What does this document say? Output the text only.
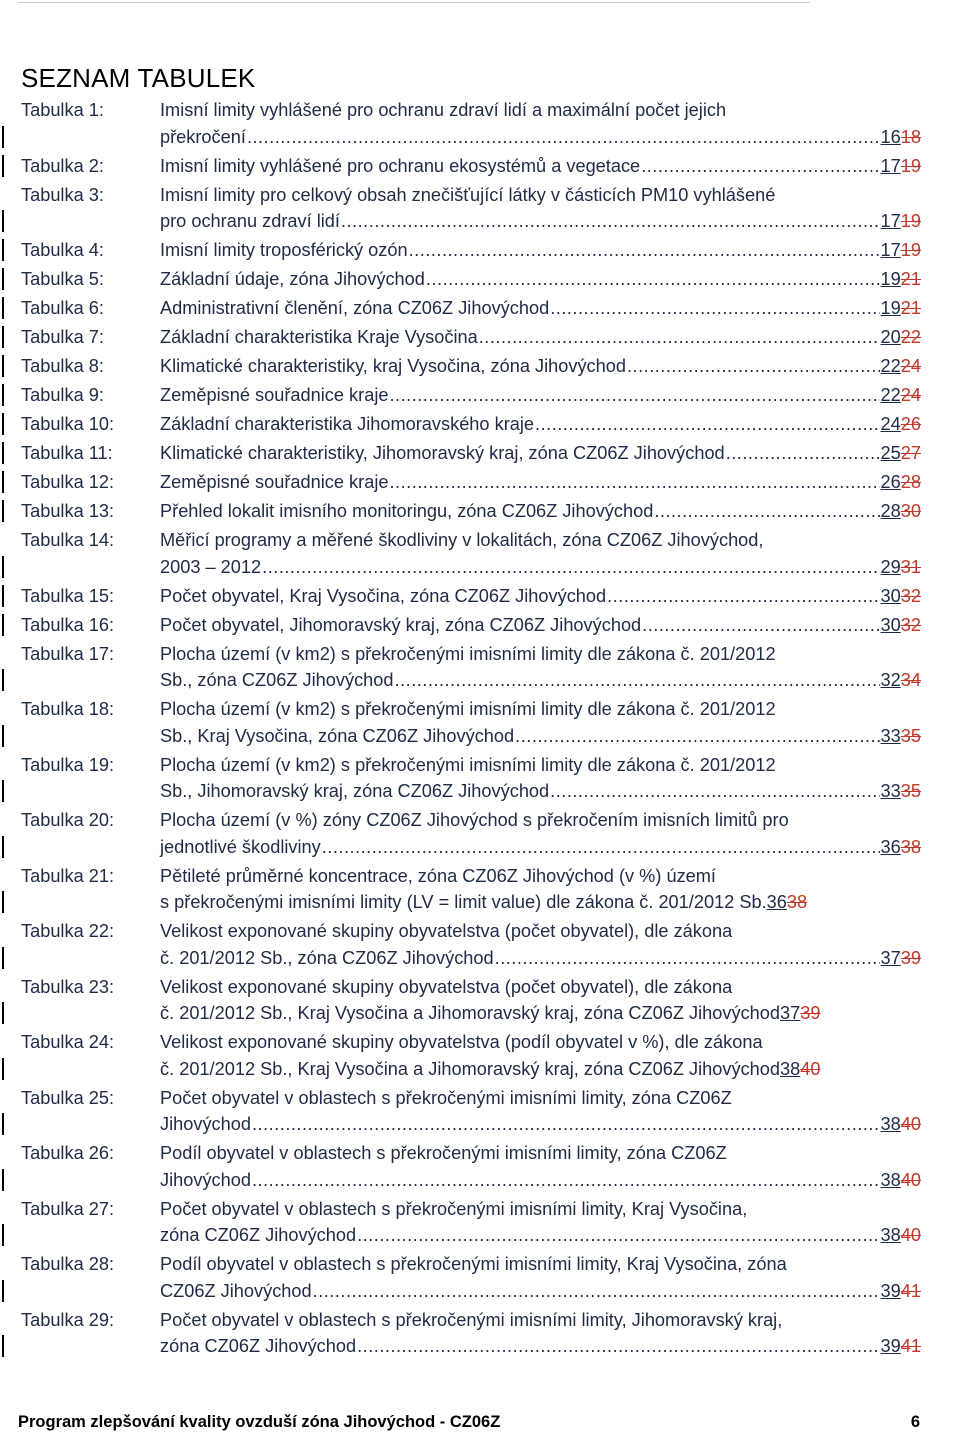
SEZNAM TABULEK
Tabulka 1:	Imisní limity vyhlášené pro ochranu zdraví lidí a maximální počet jejich
překročení .....	1618
Tabulka 2:	Imisní limity vyhlášené pro ochranu ekosystémů a vegetace .....	1719
Tabulka 3:	Imisní limity pro celkový obsah znečišťující látky v částicích PM10 vyhlášené
pro ochranu zdraví lidí .....	1719
Tabulka 4:	Imisní limity troposférický ozón .....	1719
Tabulka 5:	Základní údaje, zóna Jihovýchod .....	1921
Tabulka 6:	Administrativní členění, zóna CZ06Z Jihovýchod .....	1921
Tabulka 7:	Základní charakteristika Kraje Vysočina .....	2022
Tabulka 8:	Klimatické charakteristiky, kraj Vysočina, zóna Jihovýchod .....	2224
Tabulka 9:	Zeměpisné souřadnice kraje .....	2224
Tabulka 10:	Základní charakteristika Jihomoravského kraje .....	2426
Tabulka 11:	Klimatické charakteristiky, Jihomoravský kraj, zóna CZ06Z Jihovýchod .....	2527
Tabulka 12:	Zeměpisné souřadnice kraje .....	2628
Tabulka 13:	Přehled lokalit imisního monitoringu, zóna CZ06Z Jihovýchod .....	2830
Tabulka 14:	Měřicí programy a měřené škodliviny v lokalitách, zóna CZ06Z Jihovýchod,
2003 – 2012 .....	2931
Tabulka 15:	Počet obyvatel, Kraj Vysočina, zóna CZ06Z Jihovýchod .....	3032
Tabulka 16:	Počet obyvatel, Jihomoravský kraj, zóna CZ06Z Jihovýchod .....	3032
Tabulka 17:	Plocha území (v km2) s překročenými imisními limity dle zákona č. 201/2012
Sb., zóna CZ06Z Jihovýchod .....	3234
Tabulka 18:	Plocha území (v km2) s překročenými imisními limity dle zákona č. 201/2012
Sb., Kraj Vysočina, zóna CZ06Z Jihovýchod .....	3335
Tabulka 19:	Plocha území (v km2) s překročenými imisními limity dle zákona č. 201/2012
Sb., Jihomoravský kraj, zóna CZ06Z Jihovýchod .....	3335
Tabulka 20:	Plocha území (v %) zóny CZ06Z Jihovýchod s překročením imisních limitů pro
jednotlivé škodliviny .....	3638
Tabulka 21:	Pětileté průměrné koncentrace, zóna CZ06Z Jihovýchod (v %) území
s překročenými imisními limity (LV = limit value) dle zákona č. 201/2012 Sb. 3638
Tabulka 22:	Velikost exponované skupiny obyvatelstva (počet obyvatel), dle zákona
č. 201/2012 Sb., zóna CZ06Z Jihovýchod .....	3739
Tabulka 23:	Velikost exponované skupiny obyvatelstva (počet obyvatel), dle zákona
č. 201/2012 Sb., Kraj Vysočina a Jihomoravský kraj, zóna CZ06Z Jihovýchod 3739
Tabulka 24:	Velikost exponované skupiny obyvatelstva (podíl obyvatel v %), dle zákona
č. 201/2012 Sb., Kraj Vysočina a Jihomoravský kraj, zóna CZ06Z Jihovýchod 3840
Tabulka 25:	Počet obyvatel v oblastech s překročenými imisními limity, zóna CZ06Z
Jihovýchod .....	3840
Tabulka 26:	Podíl obyvatel v oblastech s překročenými imisními limity, zóna CZ06Z
Jihovýchod .....	3840
Tabulka 27:	Počet obyvatel v oblastech s překročenými imisními limity, Kraj Vysočina,
zóna CZ06Z Jihovýchod .....	3840
Tabulka 28:	Podíl obyvatel v oblastech s překročenými imisními limity, Kraj Vysočina, zóna
CZ06Z Jihovýchod .....	3941
Tabulka 29:	Počet obyvatel v oblastech s překročenými imisními limity, Jihomoravský kraj,
zóna CZ06Z Jihovýchod .....	3941
Program zlepšování kvality ovzduší zóna Jihovýchod - CZ06Z	6
